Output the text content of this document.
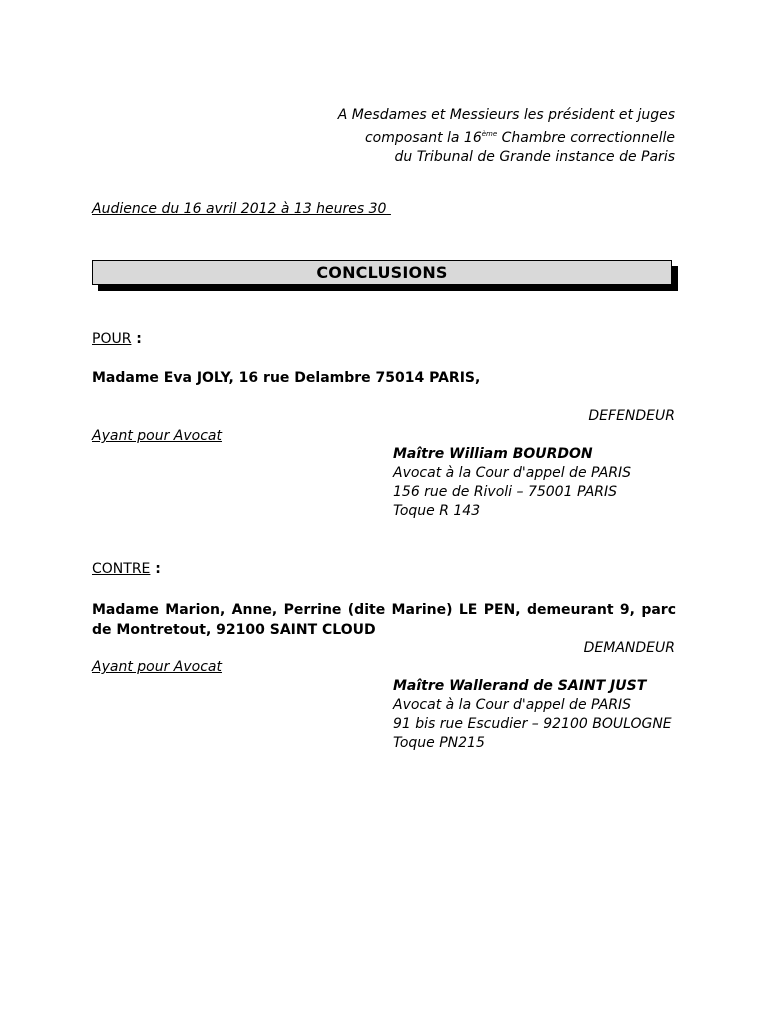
A Mesdames et Messieurs les président et juges
composant la 16ème Chambre correctionnelle
du Tribunal de Grande instance de Paris
Audience du 16 avril 2012 à 13 heures 30
CONCLUSIONS
POUR :
Madame Eva JOLY, 16 rue Delambre 75014 PARIS,
DEFENDEUR
Ayant pour Avocat
Maître William BOURDON
Avocat à la Cour d'appel de PARIS
156 rue de Rivoli – 75001 PARIS
Toque R 143
CONTRE :
Madame Marion, Anne, Perrine (dite Marine) LE PEN, demeurant 9, parc
de Montretout, 92100 SAINT CLOUD
DEMANDEUR
Ayant pour Avocat
Maître Wallerand de SAINT JUST
Avocat à la Cour d'appel de PARIS
91 bis rue Escudier – 92100 BOULOGNE
Toque PN215
